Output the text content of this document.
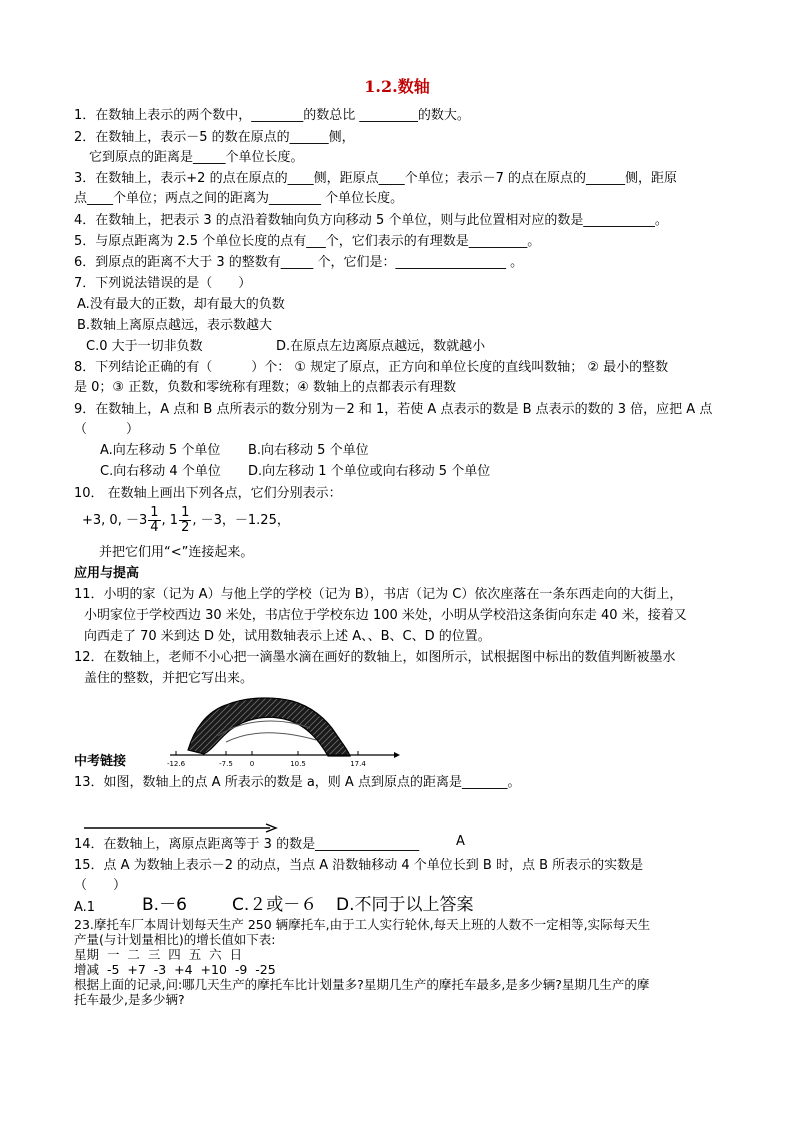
1.2.数轴
1．在数轴上表示的两个数中，________的数总比 _________的数大。
2．在数轴上，表示－5 的数在原点的______侧，
它到原点的距离是_____个单位长度。
3．在数轴上，表示+2 的点在原点的____侧，距原点____个单位；表示－7 的点在原点的______侧，距原
点____个单位；两点之间的距离为________ 个单位长度。
4．在数轴上，把表示 3 的点沿着数轴向负方向移动 5 个单位，则与此位置相对应的数是___________。
5．与原点距离为 2.5 个单位长度的点有___个，它们表示的有理数是_________。
6．到原点的距离不大于 3 的整数有_____ 个，它们是：_________________ 。
7．下列说法错误的是（　　）
A.没有最大的正数，却有最大的负数
B.数轴上离原点越远，表示数越大
C.0 大于一切非负数	D.在原点左边离原点越远，数就越小
8．下列结论正确的有（　　　）个： ① 规定了原点，正方向和单位长度的直线叫数轴； ② 最小的整数
是 0；③ 正数，负数和零统称有理数；④ 数轴上的点都表示有理数
9．在数轴上，A 点和 B 点所表示的数分别为－2 和 1，若使 A 点表示的数是 B 点表示的数的 3 倍，应把 A 点
（　　　）
A.向左移动 5 个单位 B.向右移动 5 个单位
C.向右移动 4 个单位 D.向左移动 1 个单位或向右移动 5 个单位
10． 在数轴上画出下列各点，它们分别表示：
+3, 0, $-3 \frac{1}{4}$ , $1 \frac{1}{2}$ , －3，－1.25，
并把它们用“<”连接起来。
应用与提高
11．小明的家（记为 A）与他上学的学校（记为 B），书店（记为 C）依次座落在一条东西走向的大街上，
小明家位于学校西边 30 米处，书店位于学校东边 100 米处，小明从学校沿这条街向东走 40 米，接着又
向西走了 70 米到达 D 处，试用数轴表示上述 A、、B、C、D 的位置。
12．在数轴上，老师不小心把一滴墨水滴在画好的数轴上，如图所示，试根据图中标出的数值判断被墨水
盖住的整数，并把它写出来。
-12.6	-7.5 0	10.5	17.4
中考链接
13．如图，数轴上的点 A 所表示的数是 a，则 A 点到原点的距离是_______。
14．在数轴上，离原点距离等于 3 的数是________________	A
15．点 A 为数轴上表示－2 的动点，当点 A 沿数轴移动 4 个单位长到 B 时，点 B 所表示的实数是
（　　）
A.1	B.－6	C.２或－６ D.不同于以上答案
23.摩托车厂本周计划每天生产 250 辆摩托车,由于工人实行轮休,每天上班的人数不一定相等,实际每天生
产量(与计划量相比)的增长值如下表:
星期  一  二  三  四  五  六  日
增减  -5  +7  -3  +4  +10  -9  -25
根据上面的记录,问:哪几天生产的摩托车比计划量多?星期几生产的摩托车最多,是多少辆?星期几生产的摩
托车最少,是多少辆?
